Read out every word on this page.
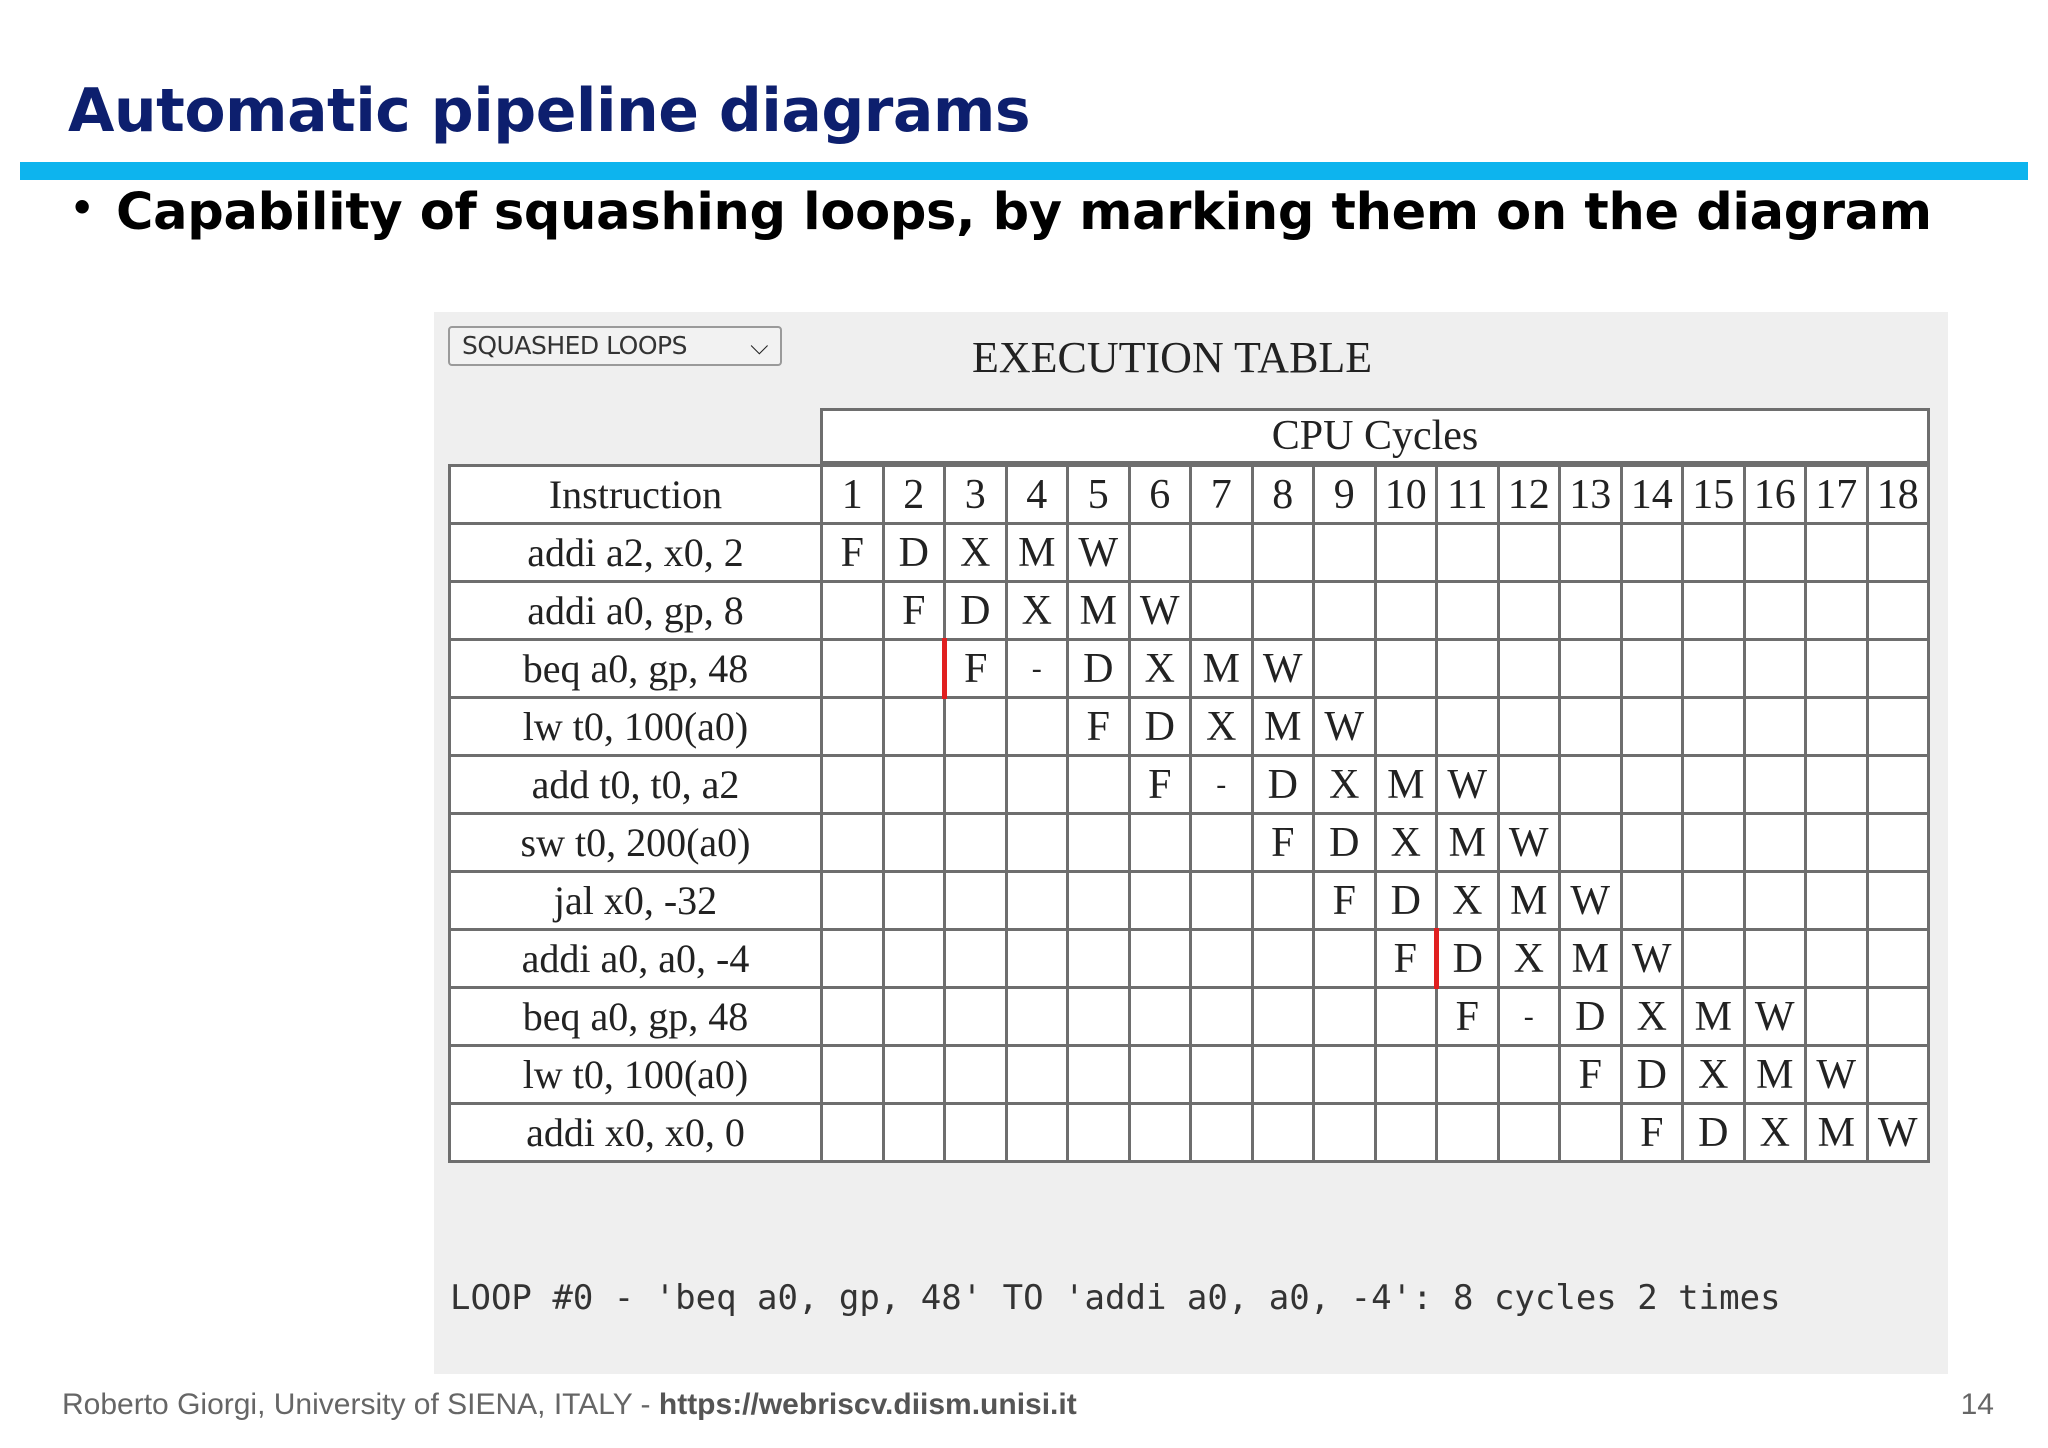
Automatic pipeline diagrams
• Capability of squashing loops, by marking them on the diagram
SQUASHED LOOPS	⌵	EXECUTION TABLE
CPU Cycles
Instruction	1	2	3	4	5	6	7	8	9	10	11	12	13	14	15	16	17	18
addi a2, x0, 2	F	D	X	M	W													
addi a0, gp, 8		F	D	X	M	W												
beq a0, gp, 48			F	-	D	X	M	W										
lw t0, 100(a0)					F	D	X	M	W									
add t0, t0, a2						F	-	D	X	M	W							
sw t0, 200(a0)								F	D	X	M	W						
jal x0, -32									F	D	X	M	W					
addi a0, a0, -4										F	D	X	M	W				
beq a0, gp, 48											F	-	D	X	M	W		
lw t0, 100(a0)													F	D	X	M	W	
addi x0, x0, 0														F	D	X	M	W
LOOP #0 - 'beq a0, gp, 48' TO 'addi a0, a0, -4': 8 cycles 2 times
Roberto Giorgi, University of SIENA, ITALY - https://webriscv.diism.unisi.it	14
